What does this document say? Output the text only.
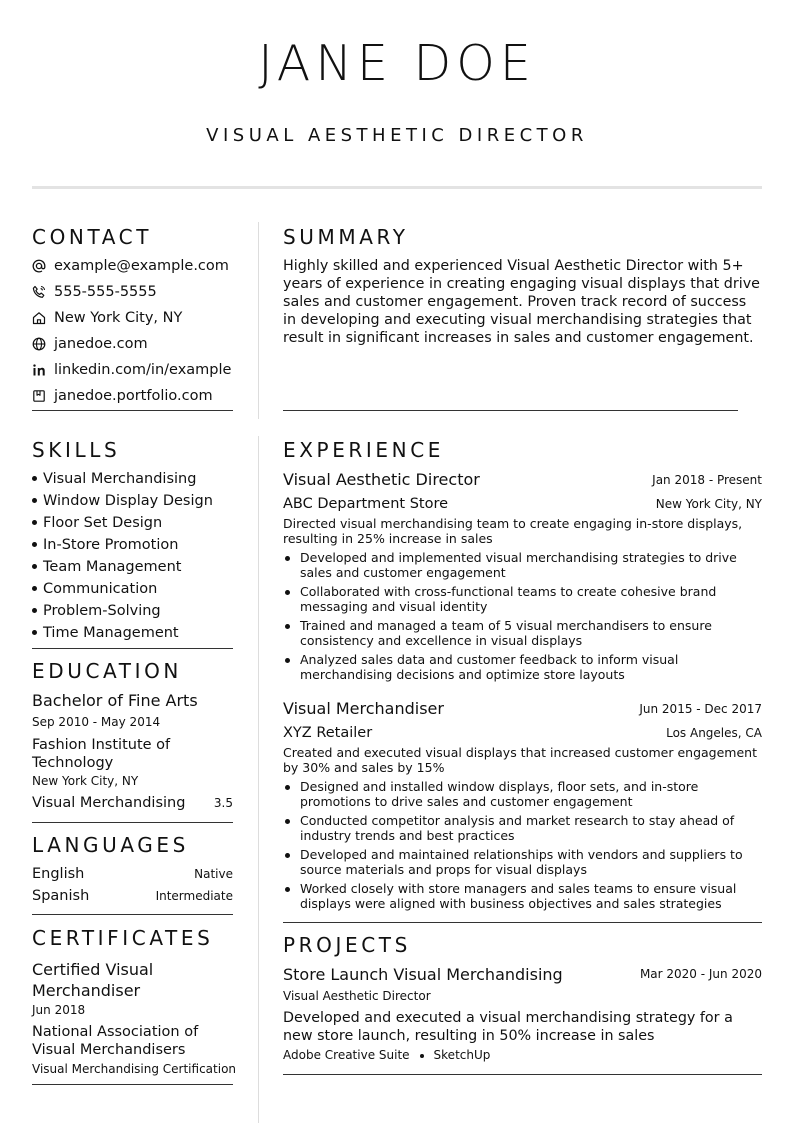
JANE DOE
VISUAL AESTHETIC DIRECTOR
CONTACT
example@example.com
555-555-5555
New York City, NY
janedoe.com
linkedin.com/in/example
janedoe.portfolio.com
SUMMARY
Highly skilled and experienced Visual Aesthetic Director with 5+ years of experience in creating engaging visual displays that drive sales and customer engagement. Proven track record of success in developing and executing visual merchandising strategies that result in significant increases in sales and customer engagement.
SKILLS
Visual Merchandising
Window Display Design
Floor Set Design
In-Store Promotion
Team Management
Communication
Problem-Solving
Time Management
EDUCATION
Bachelor of Fine Arts
Sep 2010 - May 2014
Fashion Institute of Technology
New York City, NY
Visual Merchandising	3.5
LANGUAGES
English	Native
Spanish	Intermediate
CERTIFICATES
Certified Visual Merchandiser
Jun 2018
National Association of Visual Merchandisers
Visual Merchandising Certification
EXPERIENCE
Visual Aesthetic Director	Jan 2018 - Present
ABC Department Store	New York City, NY
Directed visual merchandising team to create engaging in-store displays, resulting in 25% increase in sales
Developed and implemented visual merchandising strategies to drive sales and customer engagement
Collaborated with cross-functional teams to create cohesive brand messaging and visual identity
Trained and managed a team of 5 visual merchandisers to ensure consistency and excellence in visual displays
Analyzed sales data and customer feedback to inform visual merchandising decisions and optimize store layouts
Visual Merchandiser	Jun 2015 - Dec 2017
XYZ Retailer	Los Angeles, CA
Created and executed visual displays that increased customer engagement by 30% and sales by 15%
Designed and installed window displays, floor sets, and in-store promotions to drive sales and customer engagement
Conducted competitor analysis and market research to stay ahead of industry trends and best practices
Developed and maintained relationships with vendors and suppliers to source materials and props for visual displays
Worked closely with store managers and sales teams to ensure visual displays were aligned with business objectives and sales strategies
PROJECTS
Store Launch Visual Merchandising	Mar 2020 - Jun 2020
Visual Aesthetic Director
Developed and executed a visual merchandising strategy for a new store launch, resulting in 50% increase in sales
Adobe Creative Suite SketchUp
